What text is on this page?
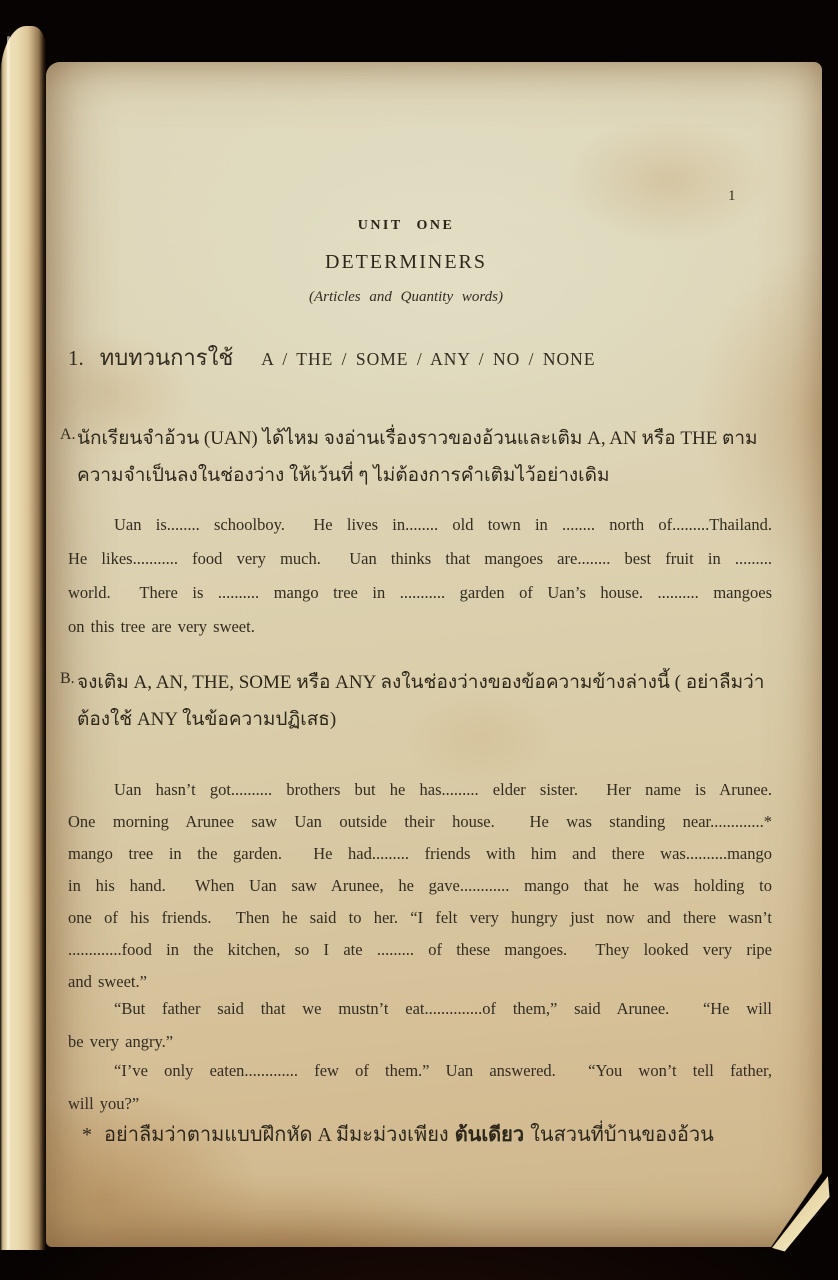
1
UNIT ONE
DETERMINERS
(Articles and Quantity words)
1. ทบทวนการใช้ A / THE / SOME / ANY / NO / NONE
A. นักเรียนจำอ้วน (UAN) ได้ไหม จงอ่านเรื่องราวของอ้วนและเติม A, AN หรือ THE ตาม
ความจำเป็นลงในช่องว่าง ให้เว้นที่ ๆ ไม่ต้องการคำเติมไว้อย่างเดิม
Uan is........ schoolboy.  He lives in........ old town in ........ north of.........Thailand.
He likes........... food very much.  Uan thinks that mangoes are........ best fruit in .........
world.  There is .......... mango tree in ........... garden of Uan’s house. .......... mangoes
on this tree are very sweet.
B. จงเติม A, AN, THE, SOME หรือ ANY ลงในช่องว่างของข้อความข้างล่างนี้ ( อย่าลืมว่า
ต้องใช้ ANY ในข้อความปฏิเสธ)
Uan hasn’t got.......... brothers but he has......... elder sister.  Her name is Arunee.
One morning Arunee saw Uan outside their house.  He was standing near.............*
mango tree in the garden.  He had......... friends with him and there was..........mango
in his hand.  When Uan saw Arunee, he gave............ mango that he was holding to
one of his friends.  Then he said to her. “I felt very hungry just now and there wasn’t
.............food in the kitchen, so I ate ......... of these mangoes.  They looked very ripe
and sweet.”
“But father said that we mustn’t eat..............of them,” said Arunee.  “He will
be very angry.”
“I’ve only eaten............. few of them.” Uan answered.  “You won’t tell father,
will you?”
* อย่าลืมว่าตามแบบฝึกหัด A มีมะม่วงเพียง ต้นเดียว ในสวนที่บ้านของอ้วน
